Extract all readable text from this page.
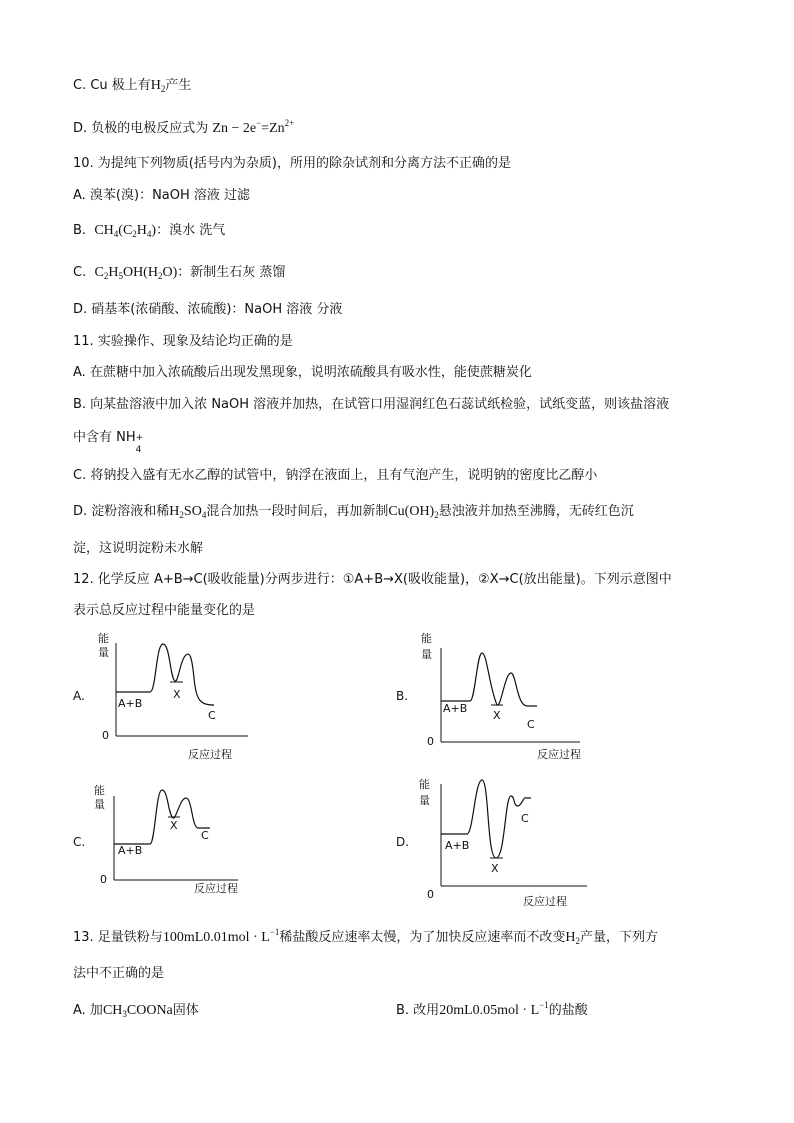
C. Cu 极上有$H_2$产生
D. 负极的电极反应式为 $Zn - 2e^-=Zn^{2+}$
10. 为提纯下列物质(括号内为杂质)，所用的除杂试剂和分离方法不正确的是
A. 溴苯(溴)：NaOH 溶液 过滤
B. $CH_4(C_2H_4)$：溴水 洗气
C. $C_2H_5OH(H_2O)$：新制生石灰 蒸馏
D. 硝基苯(浓硝酸、浓硫酸)：NaOH 溶液 分液
11. 实验操作、现象及结论均正确的是
A. 在蔗糖中加入浓硫酸后出现发黑现象，说明浓硫酸具有吸水性，能使蔗糖炭化
B. 向某盐溶液中加入浓 NaOH 溶液并加热，在试管口用湿润红色石蕊试纸检验，试纸变蓝，则该盐溶液
中含有 NH +
4
C. 将钠投入盛有无水乙醇的试管中，钠浮在液面上，且有气泡产生，说明钠的密度比乙醇小
D. 淀粉溶液和稀$H_2SO_4$混合加热一段时间后，再加新制$Cu(OH)_2$悬浊液并加热至沸腾，无砖红色沉
淀，这说明淀粉未水解
12. 化学反应 A+B→C(吸收能量)分两步进行：①A+B→X(吸收能量)，②X→C(放出能量)。下列示意图中
表示总反应过程中能量变化的是
A.	B.
C.	D.
能
量
0
反应过程
A+B
X
C
能
量
0
反应过程
A+B
X
C
能
量
0
反应过程
A+B
X
C
能
量
0
反应过程
A+B
X
C
13. 足量铁粉与$100mL0.01mol \cdot L^{-1}$稀盐酸反应速率太慢，为了加快反应速率而不改变$H_2$产量，下列方
法中不正确的是
A. 加$CH_3COONa$固体	B. 改用$20mL0.05mol \cdot L^{-1}$的盐酸
